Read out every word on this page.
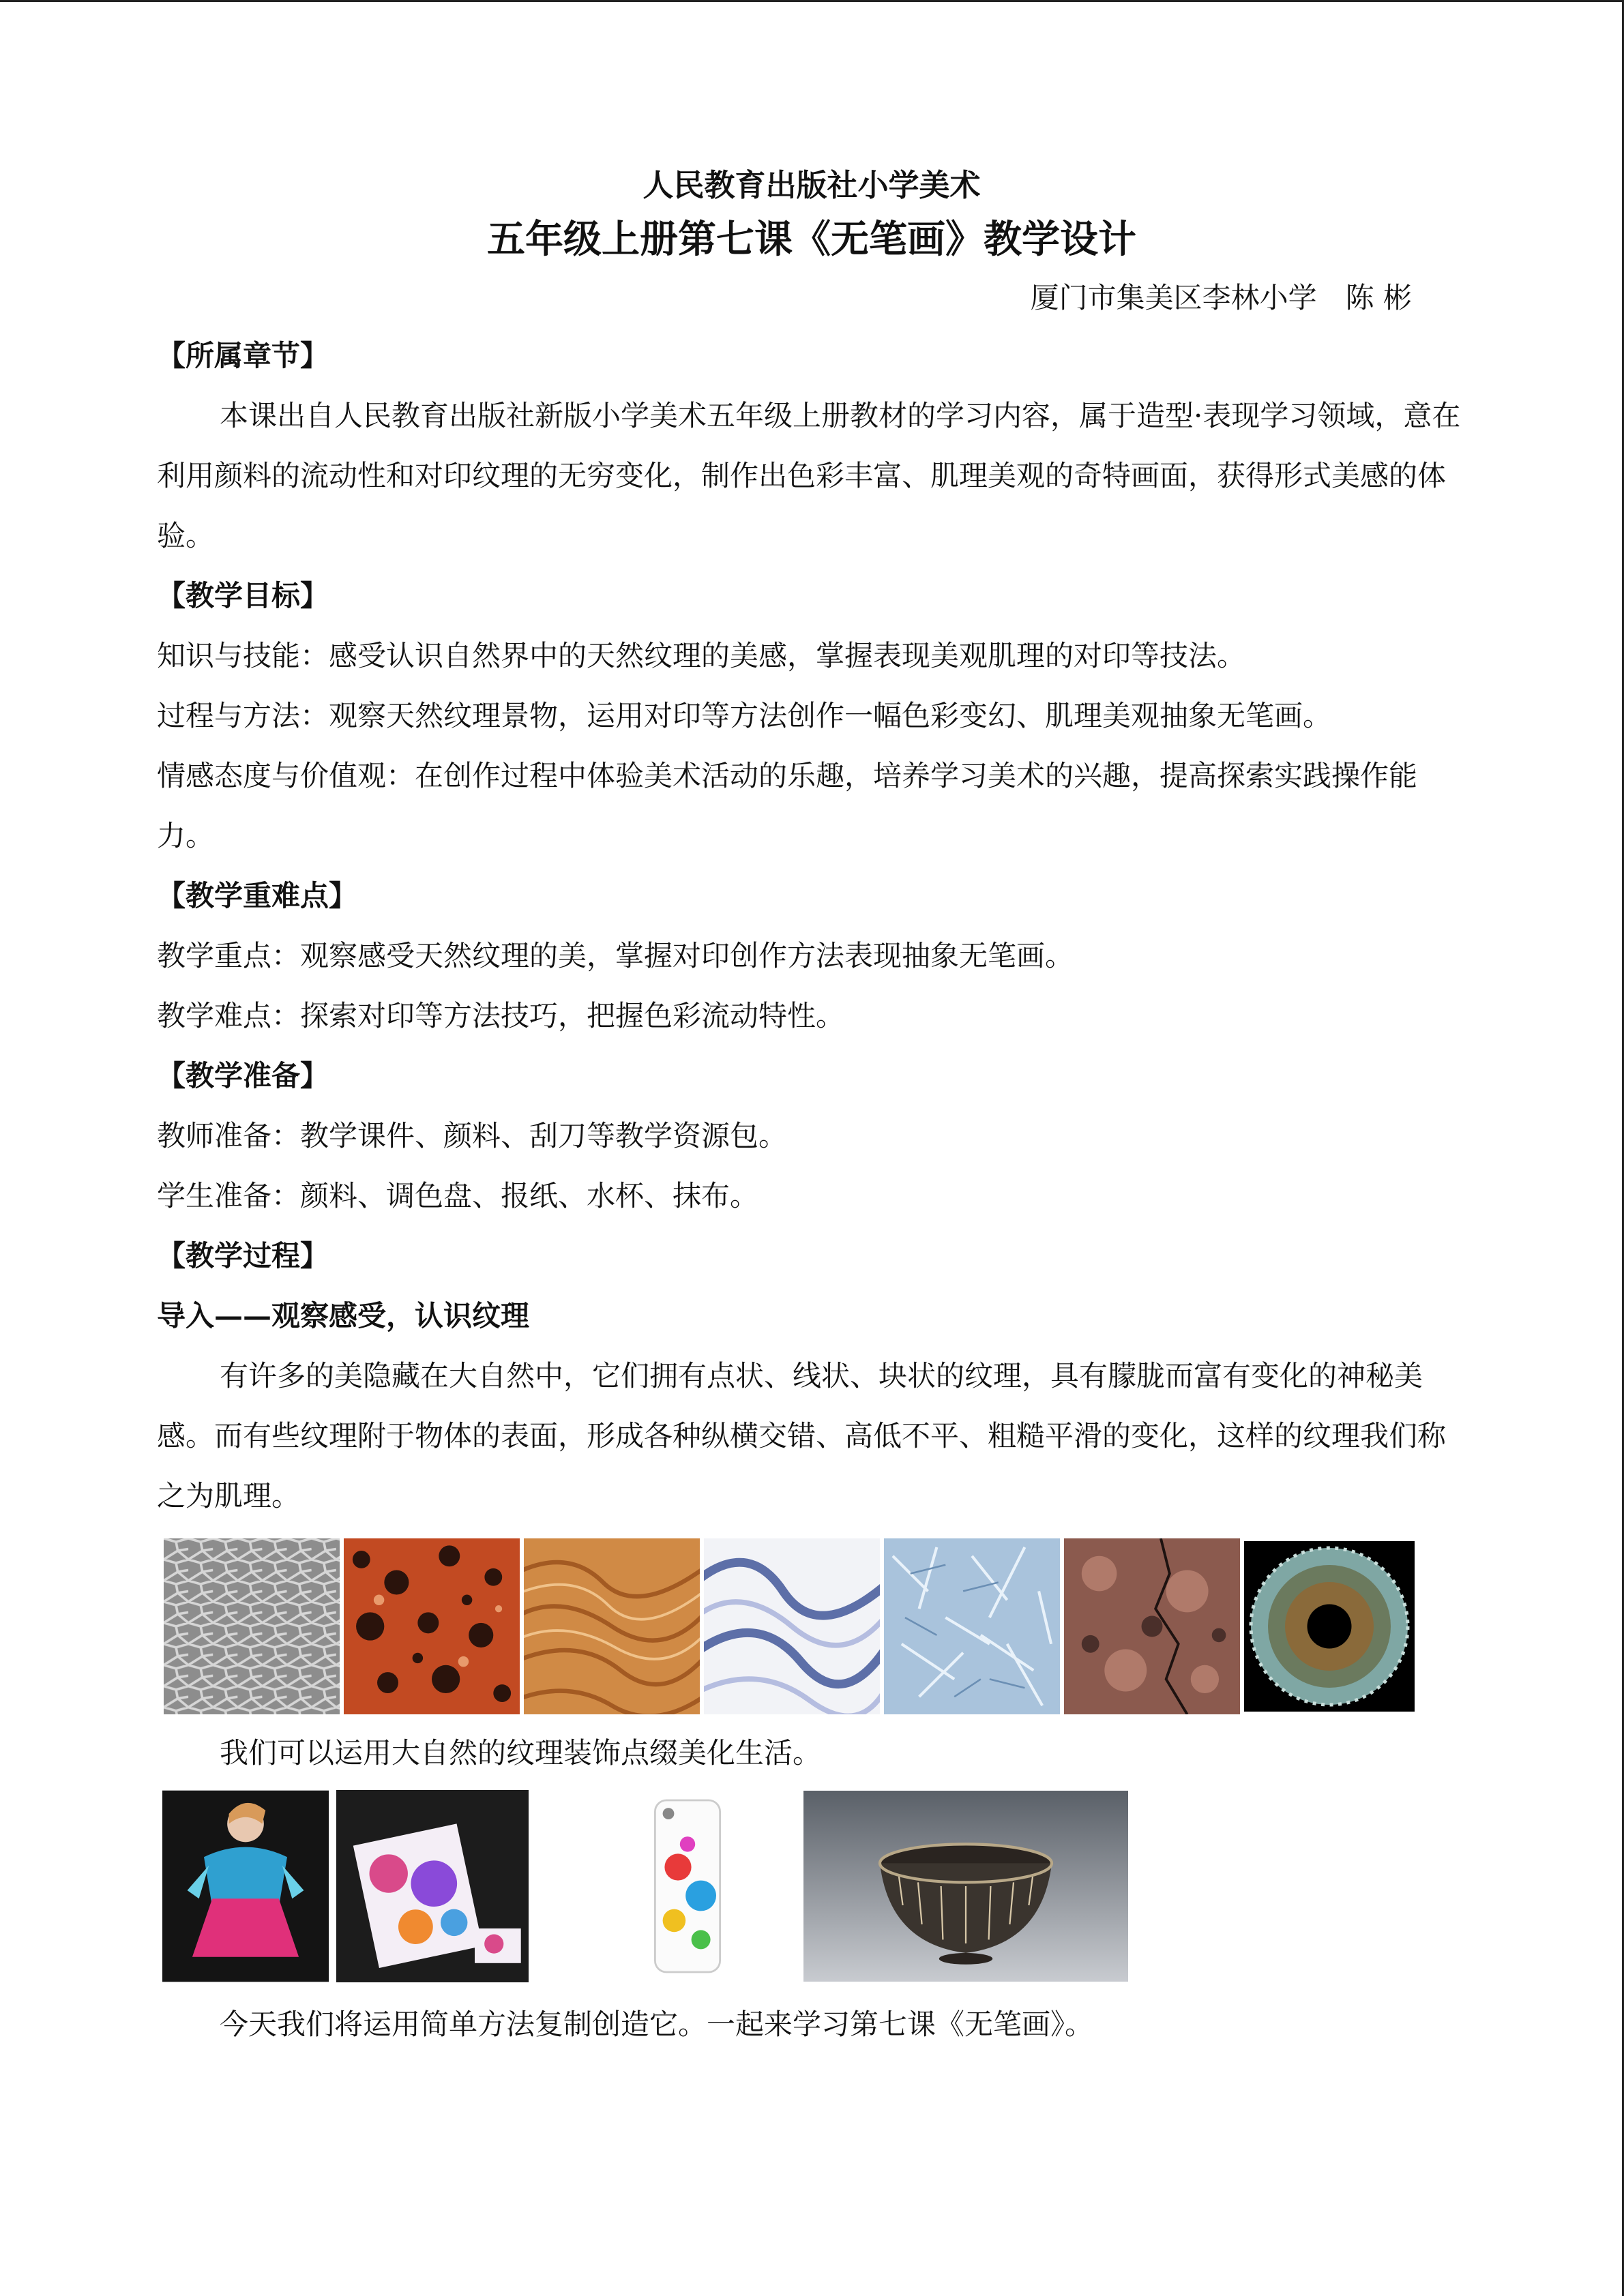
人民教育出版社小学美术
五年级上册第七课《无笔画》教学设计
厦门市集美区李林小学　陈 彬
【所属章节】
本课出自人民教育出版社新版小学美术五年级上册教材的学习内容，属于造型·表现学习领域，意在利用颜料的流动性和对印纹理的无穷变化，制作出色彩丰富、肌理美观的奇特画面，获得形式美感的体验。
【教学目标】
知识与技能：感受认识自然界中的天然纹理的美感，掌握表现美观肌理的对印等技法。
过程与方法：观察天然纹理景物，运用对印等方法创作一幅色彩变幻、肌理美观抽象无笔画。
情感态度与价值观：在创作过程中体验美术活动的乐趣，培养学习美术的兴趣，提高探索实践操作能力。
【教学重难点】
教学重点：观察感受天然纹理的美，掌握对印创作方法表现抽象无笔画。
教学难点：探索对印等方法技巧，把握色彩流动特性。
【教学准备】
教师准备：教学课件、颜料、刮刀等教学资源包。
学生准备：颜料、调色盘、报纸、水杯、抹布。
【教学过程】
导入——观察感受，认识纹理
有许多的美隐藏在大自然中，它们拥有点状、线状、块状的纹理，具有朦胧而富有变化的神秘美感。而有些纹理附于物体的表面，形成各种纵横交错、高低不平、粗糙平滑的变化，这样的纹理我们称之为肌理。
我们可以运用大自然的纹理装饰点缀美化生活。
今天我们将运用简单方法复制创造它。一起来学习第七课《无笔画》。
